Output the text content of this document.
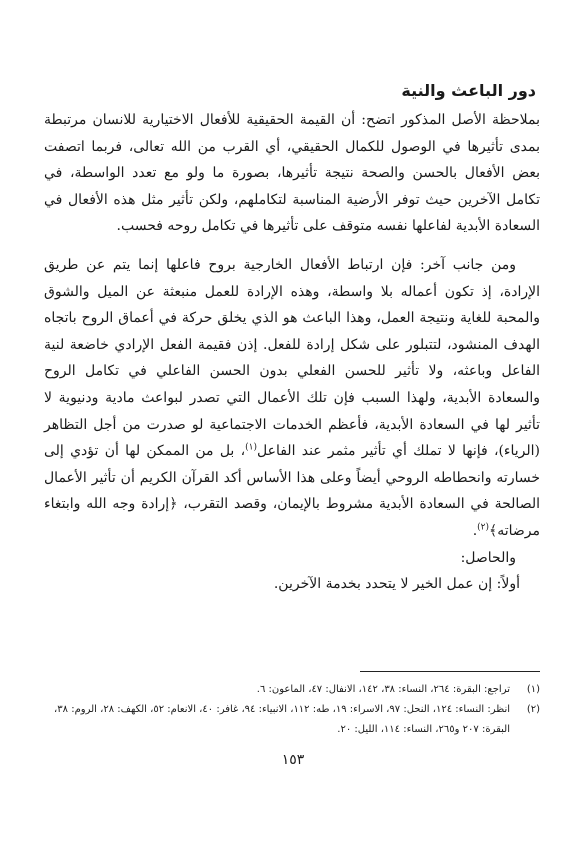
دور الباعث والنية

بملاحظة الأصل المذكور اتضح: أن القيمة الحقيقية للأفعال الاختيارية للانسان مرتبطة بمدى تأثيرها في الوصول للكمال الحقيقي، أي القرب من الله تعالى، فربما اتصفت بعض الأفعال بالحسن والصحة نتيجة تأثيرها، بصورة ما ولو مع تعدد الواسطة، في تكامل الآخرين حيث توفر الأرضية المناسبة لتكاملهم، ولكن تأثير مثل هذه الأفعال في السعادة الأبدية لفاعلها نفسه متوقف على تأثيرها في تكامل روحه فحسب.

ومن جانب آخر: فإن ارتباط الأفعال الخارجية بروح فاعلها إنما يتم عن طريق الإرادة، إذ تكون أعماله بلا واسطة، وهذه الإرادة للعمل منبعثة عن الميل والشوق والمحبة للغاية ونتيجة العمل، وهذا الباعث هو الذي يخلق حركة في أعماق الروح باتجاه الهدف المنشود، لتتبلور على شكل إرادة للفعل. إذن فقيمة الفعل الإرادي خاضعة لنية الفاعل وباعثه، ولا تأثير للحسن الفعلي بدون الحسن الفاعلي في تكامل الروح والسعادة الأبدية، ولهذا السبب فإن تلك الأعمال التي تصدر لبواعث مادية ودنيوية لا تأثير لها في السعادة الأبدية، فأعظم الخدمات الاجتماعية لو صدرت من أجل التظاهر (الرياء)، فإنها لا تملك أي تأثير مثمر عند الفاعل$^{(١)}$، بل من الممكن لها أن تؤدي إلى خسارته وانحطاطه الروحي أيضاً وعلى هذا الأساس أكد القرآن الكريم أن تأثير الأعمال الصالحة في السعادة الأبدية مشروط بالإيمان، وقصد التقرب، ﴿إرادة وجه الله وابتغاء مرضاته﴾$^{(٢)}$.

والحاصل:

أولاً: إن عمل الخير لا يتحدد بخدمة الآخرين.

(١)
تراجع: البقرة: ٢٦٤، النساء: ٣٨، ١٤٢، الانفال: ٤٧، الماعون: ٦.

(٢)
انظر: النساء: ١٢٤، النحل: ٩٧، الاسراء: ١٩، طه: ١١٢، الانبياء: ٩٤، غافر: ٤٠، الانعام: ٥٢، الكهف: ٢٨، الروم: ٣٨، البقرة: ٢٠٧ و٢٦٥، النساء: ١١٤، الليل: ٢٠.

١٥٣
